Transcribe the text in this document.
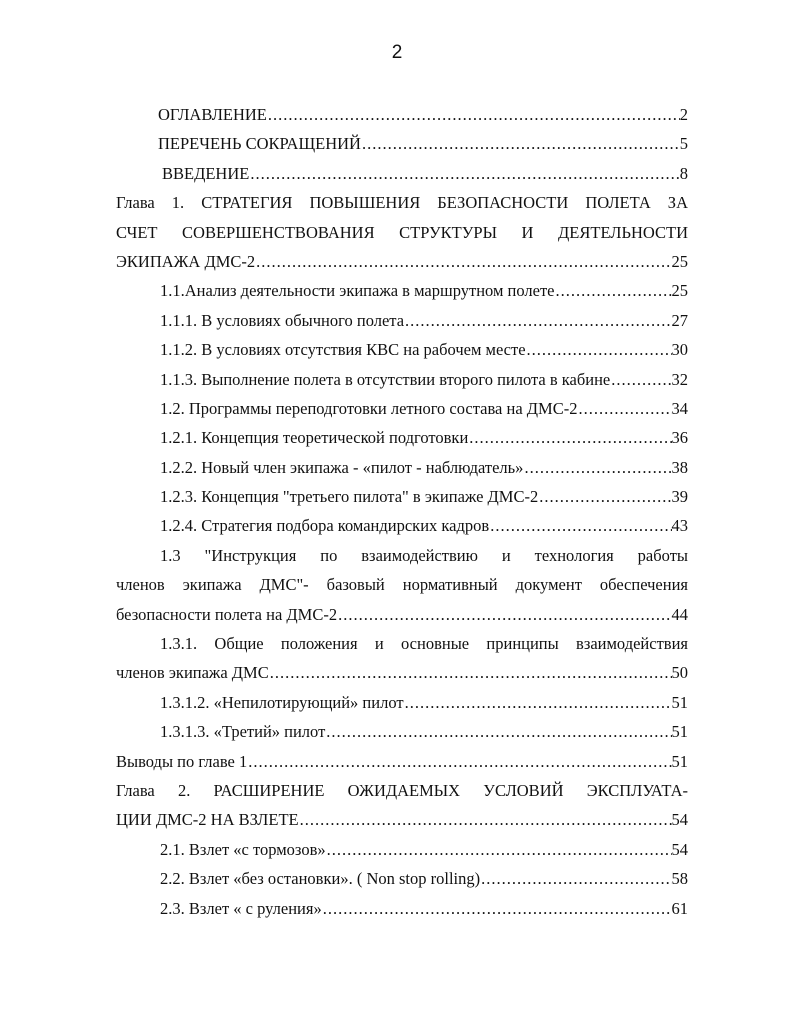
2
ОГЛАВЛЕНИЕ .....	2
ПЕРЕЧЕНЬ СОКРАЩЕНИЙ .....	5
ВВЕДЕНИЕ .....	8
Глава 1. СТРАТЕГИЯ ПОВЫШЕНИЯ БЕЗОПАСНОСТИ ПОЛЕТА ЗА
СЧЕТ СОВЕРШЕНСТВОВАНИЯ СТРУКТУРЫ И ДЕЯТЕЛЬНОСТИ
ЭКИПАЖА ДМС-2 .....	25
1.1.Анализ деятельности экипажа в маршрутном полете .....	25
1.1.1. В условиях обычного полета .....	27
1.1.2. В условиях отсутствия КВС на рабочем месте .....	30
1.1.3. Выполнение полета в отсутствии второго пилота в кабине .....	32
1.2. Программы переподготовки летного состава на ДМС-2 .....	34
1.2.1. Концепция теоретической подготовки .....	36
1.2.2. Новый член экипажа - «пилот - наблюдатель» .....	38
1.2.3. Концепция "третьего пилота" в экипаже ДМС-2 .....	39
1.2.4. Стратегия подбора командирских кадров .....	43
1.3 "Инструкция по взаимодействию и технология работы
членов экипажа ДМС"- базовый нормативный документ обеспечения
безопасности полета на ДМС-2 .....	44
1.3.1. Общие положения и основные принципы взаимодействия
членов экипажа ДМС .....	50
1.3.1.2. «Непилотирующий» пилот .....	51
1.3.1.3. «Третий» пилот .....	51
Выводы по главе 1 .....	51
Глава 2. РАСШИРЕНИЕ ОЖИДАЕМЫХ УСЛОВИЙ ЭКСПЛУАТА-
ЦИИ ДМС-2 НА ВЗЛЕТЕ .....	54
2.1. Взлет «с тормозов» .....	54
2.2. Взлет «без остановки». ( Non stop rolling) .....	58
2.3. Взлет « с руления» .....	61
